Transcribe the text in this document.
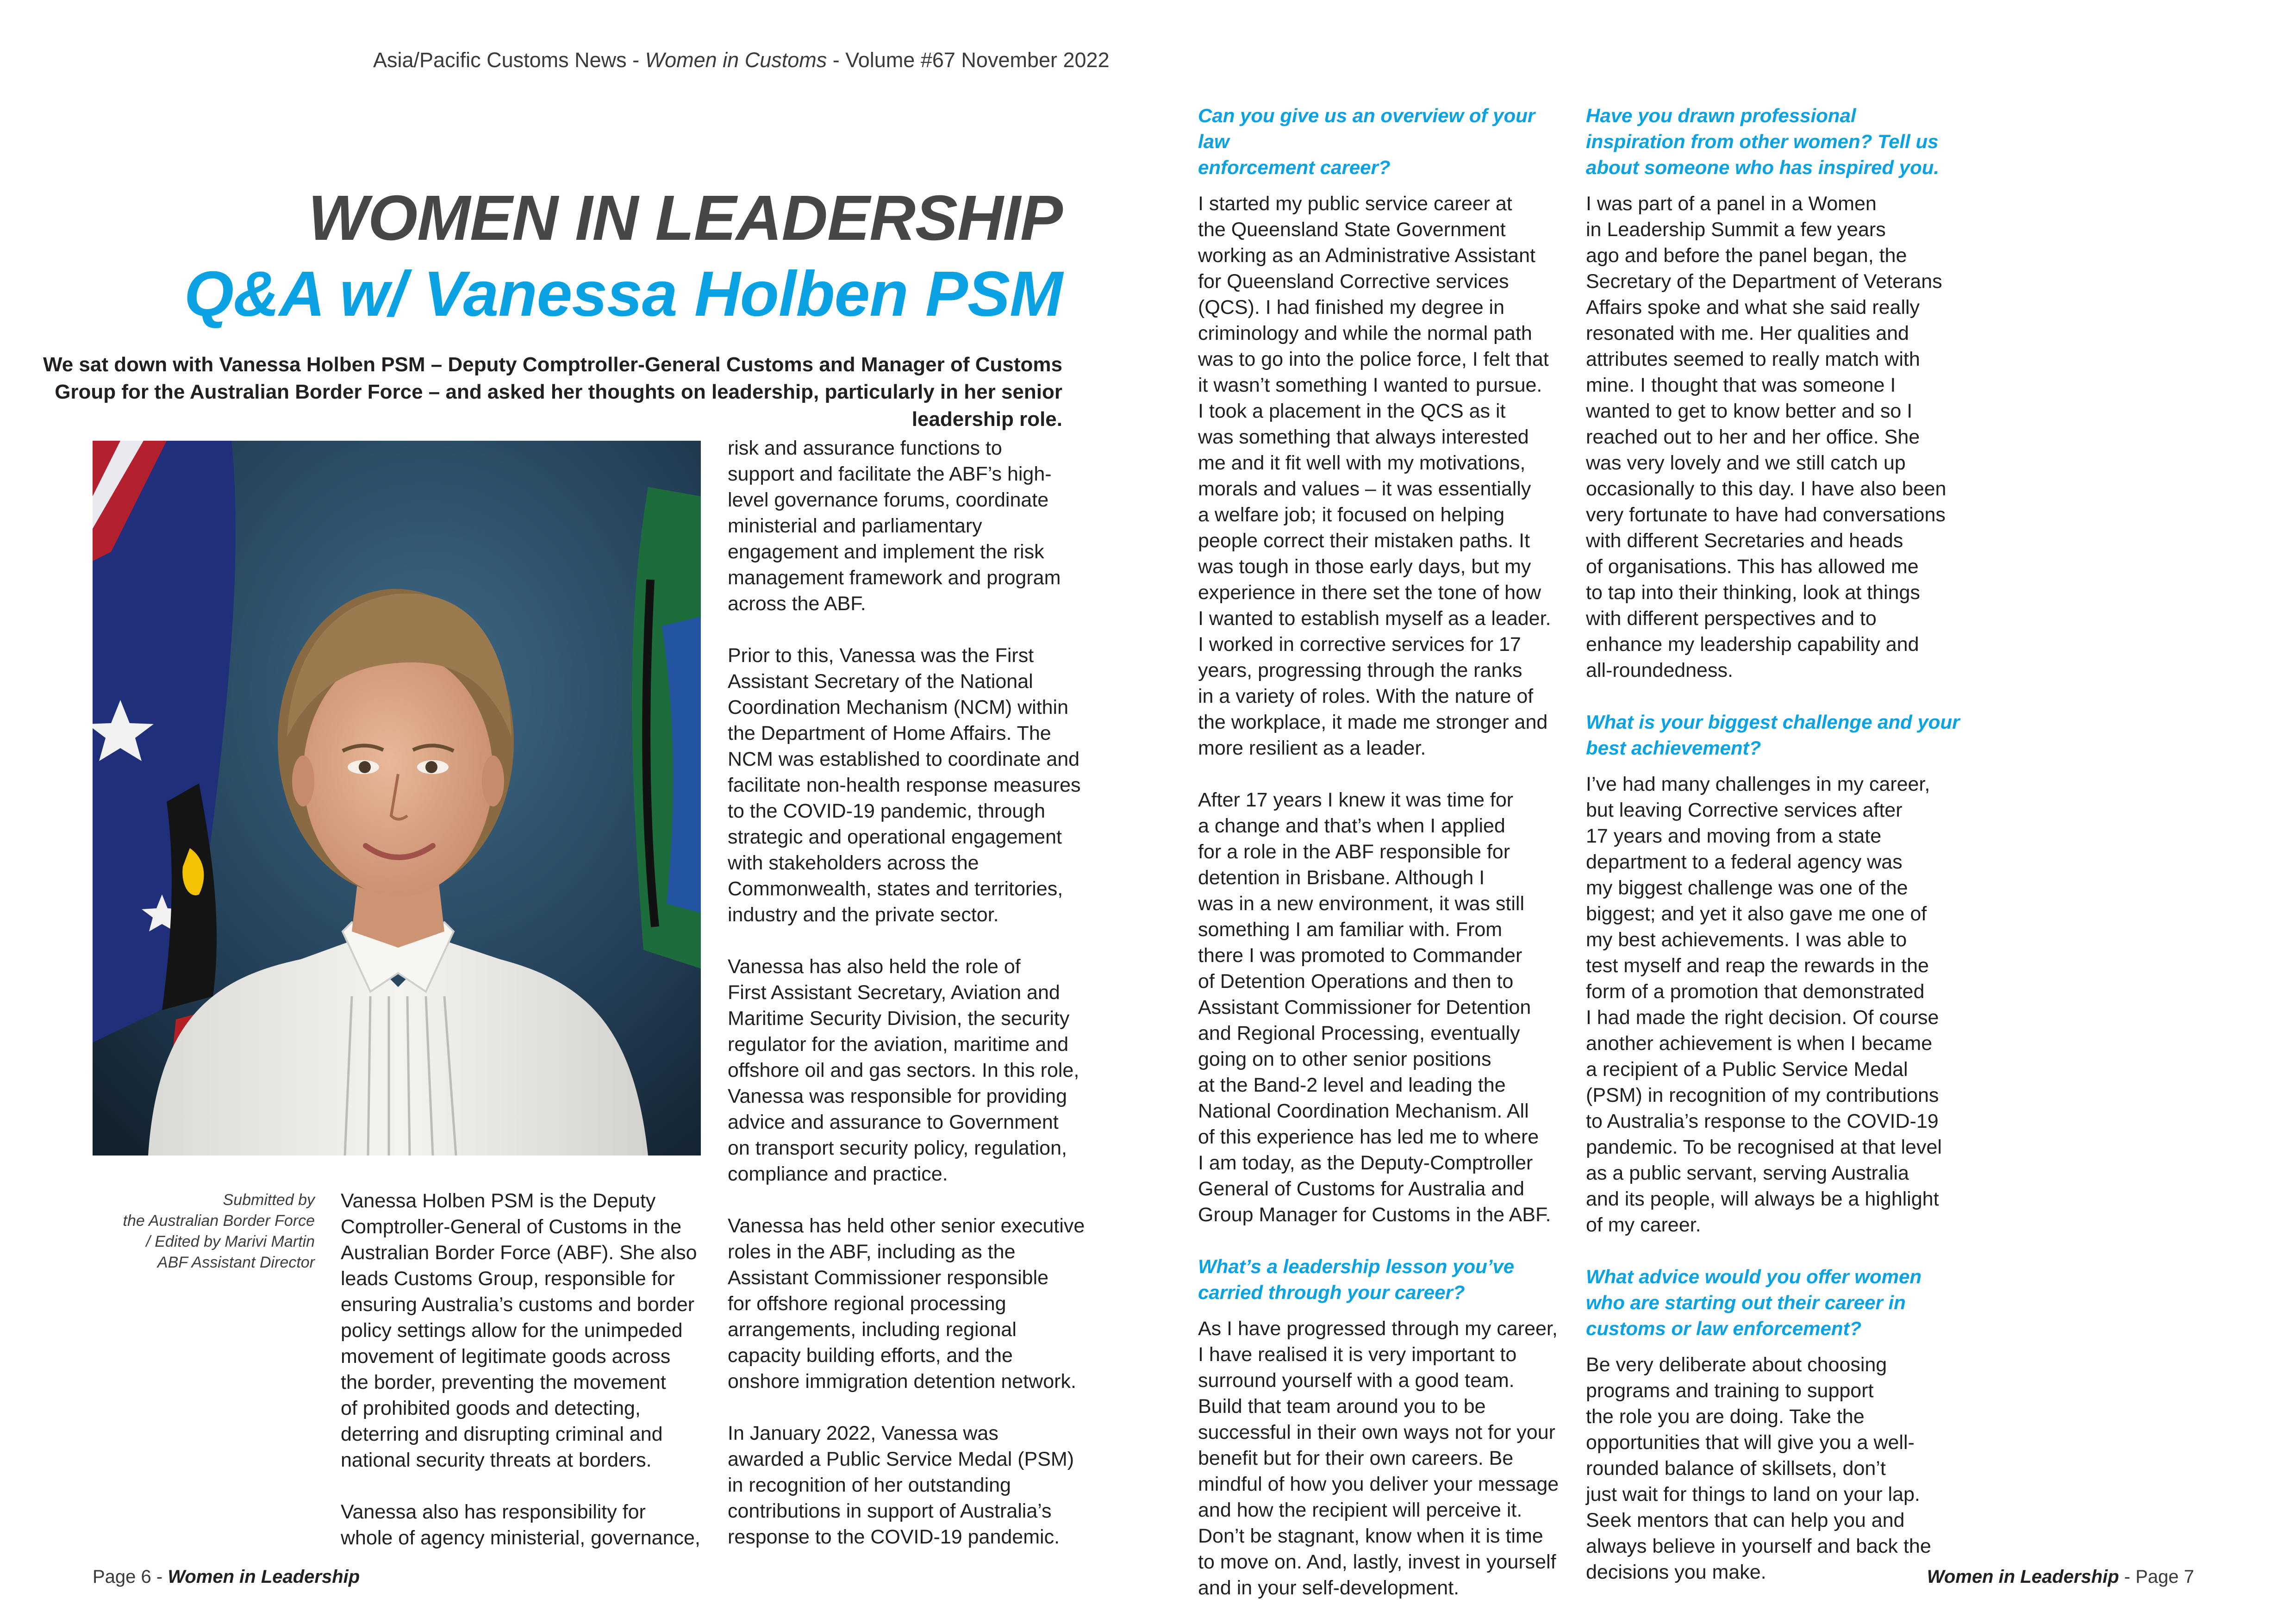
Asia/Pacific Customs News - Women in Customs - Volume #67 November 2022
WOMEN IN LEADERSHIP
Q&A w/ Vanessa Holben PSM
We sat down with Vanessa Holben PSM – Deputy Comptroller-General Customs and Manager of Customs Group for the Australian Border Force – and asked her thoughts on leadership, particularly in her senior leadership role.
Submitted by
the Australian Border Force
/ Edited by Marivi Martin
ABF Assistant Director

Vanessa Holben PSM is the Deputy
Comptroller-General of Customs in the
Australian Border Force (ABF). She also
leads Customs Group, responsible for
ensuring Australia’s customs and border
policy settings allow for the unimpeded
movement of legitimate goods across
the border, preventing the movement
of prohibited goods and detecting,
deterring and disrupting criminal and
national security threats at borders.

Vanessa also has responsibility for
whole of agency ministerial, governance,

risk and assurance functions to
support and facilitate the ABF’s high-
level governance forums, coordinate
ministerial and parliamentary
engagement and implement the risk
management framework and program
across the ABF.

Prior to this, Vanessa was the First
Assistant Secretary of the National
Coordination Mechanism (NCM) within
the Department of Home Affairs. The
NCM was established to coordinate and
facilitate non-health response measures
to the COVID-19 pandemic, through
strategic and operational engagement
with stakeholders across the
Commonwealth, states and territories,
industry and the private sector.

Vanessa has also held the role of
First Assistant Secretary, Aviation and
Maritime Security Division, the security
regulator for the aviation, maritime and
offshore oil and gas sectors. In this role,
Vanessa was responsible for providing
advice and assurance to Government
on transport security policy, regulation,
compliance and practice.

Vanessa has held other senior executive
roles in the ABF, including as the
Assistant Commissioner responsible
for offshore regional processing
arrangements, including regional
capacity building efforts, and the
onshore immigration detention network.

In January 2022, Vanessa was
awarded a Public Service Medal (PSM)
in recognition of her outstanding
contributions in support of Australia’s
response to the COVID-19 pandemic.

Can you give us an overview of your law
enforcement career?

I started my public service career at
the Queensland State Government
working as an Administrative Assistant
for Queensland Corrective services
(QCS). I had finished my degree in
criminology and while the normal path
was to go into the police force, I felt that
it wasn’t something I wanted to pursue.
I took a placement in the QCS as it
was something that always interested
me and it fit well with my motivations,
morals and values – it was essentially
a welfare job; it focused on helping
people correct their mistaken paths. It
was tough in those early days, but my
experience in there set the tone of how
I wanted to establish myself as a leader.
I worked in corrective services for 17
years, progressing through the ranks
in a variety of roles. With the nature of
the workplace, it made me stronger and
more resilient as a leader.

After 17 years I knew it was time for
a change and that’s when I applied
for a role in the ABF responsible for
detention in Brisbane. Although I
was in a new environment, it was still
something I am familiar with. From
there I was promoted to Commander
of Detention Operations and then to
Assistant Commissioner for Detention
and Regional Processing, eventually
going on to other senior positions
at the Band-2 level and leading the
National Coordination Mechanism. All
of this experience has led me to where
I am today, as the Deputy-Comptroller
General of Customs for Australia and
Group Manager for Customs in the ABF.

What’s a leadership lesson you’ve
carried through your career?

As I have progressed through my career,
I have realised it is very important to
surround yourself with a good team.
Build that team around you to be
successful in their own ways not for your
benefit but for their own careers. Be
mindful of how you deliver your message
and how the recipient will perceive it.
Don’t be stagnant, know when it is time
to move on. And, lastly, invest in yourself
and in your self-development.

Have you drawn professional
inspiration from other women? Tell us
about someone who has inspired you.

I was part of a panel in a Women
in Leadership Summit a few years
ago and before the panel began, the
Secretary of the Department of Veterans
Affairs spoke and what she said really
resonated with me. Her qualities and
attributes seemed to really match with
mine. I thought that was someone I
wanted to get to know better and so I
reached out to her and her office. She
was very lovely and we still catch up
occasionally to this day. I have also been
very fortunate to have had conversations
with different Secretaries and heads
of organisations. This has allowed me
to tap into their thinking, look at things
with different perspectives and to
enhance my leadership capability and
all-roundedness.

What is your biggest challenge and your
best achievement?

I’ve had many challenges in my career,
but leaving Corrective services after
17 years and moving from a state
department to a federal agency was
my biggest challenge was one of the
biggest; and yet it also gave me one of
my best achievements. I was able to
test myself and reap the rewards in the
form of a promotion that demonstrated
I had made the right decision. Of course
another achievement is when I became
a recipient of a Public Service Medal
(PSM) in recognition of my contributions
to Australia’s response to the COVID-19
pandemic. To be recognised at that level
as a public servant, serving Australia
and its people, will always be a highlight
of my career.

What advice would you offer women
who are starting out their career in
customs or law enforcement?

Be very deliberate about choosing
programs and training to support
the role you are doing. Take the
opportunities that will give you a well-
rounded balance of skillsets, don’t
just wait for things to land on your lap.
Seek mentors that can help you and
always believe in yourself and back the
decisions you make.

Page 6 - Women in Leadership	Women in Leadership - Page 7
